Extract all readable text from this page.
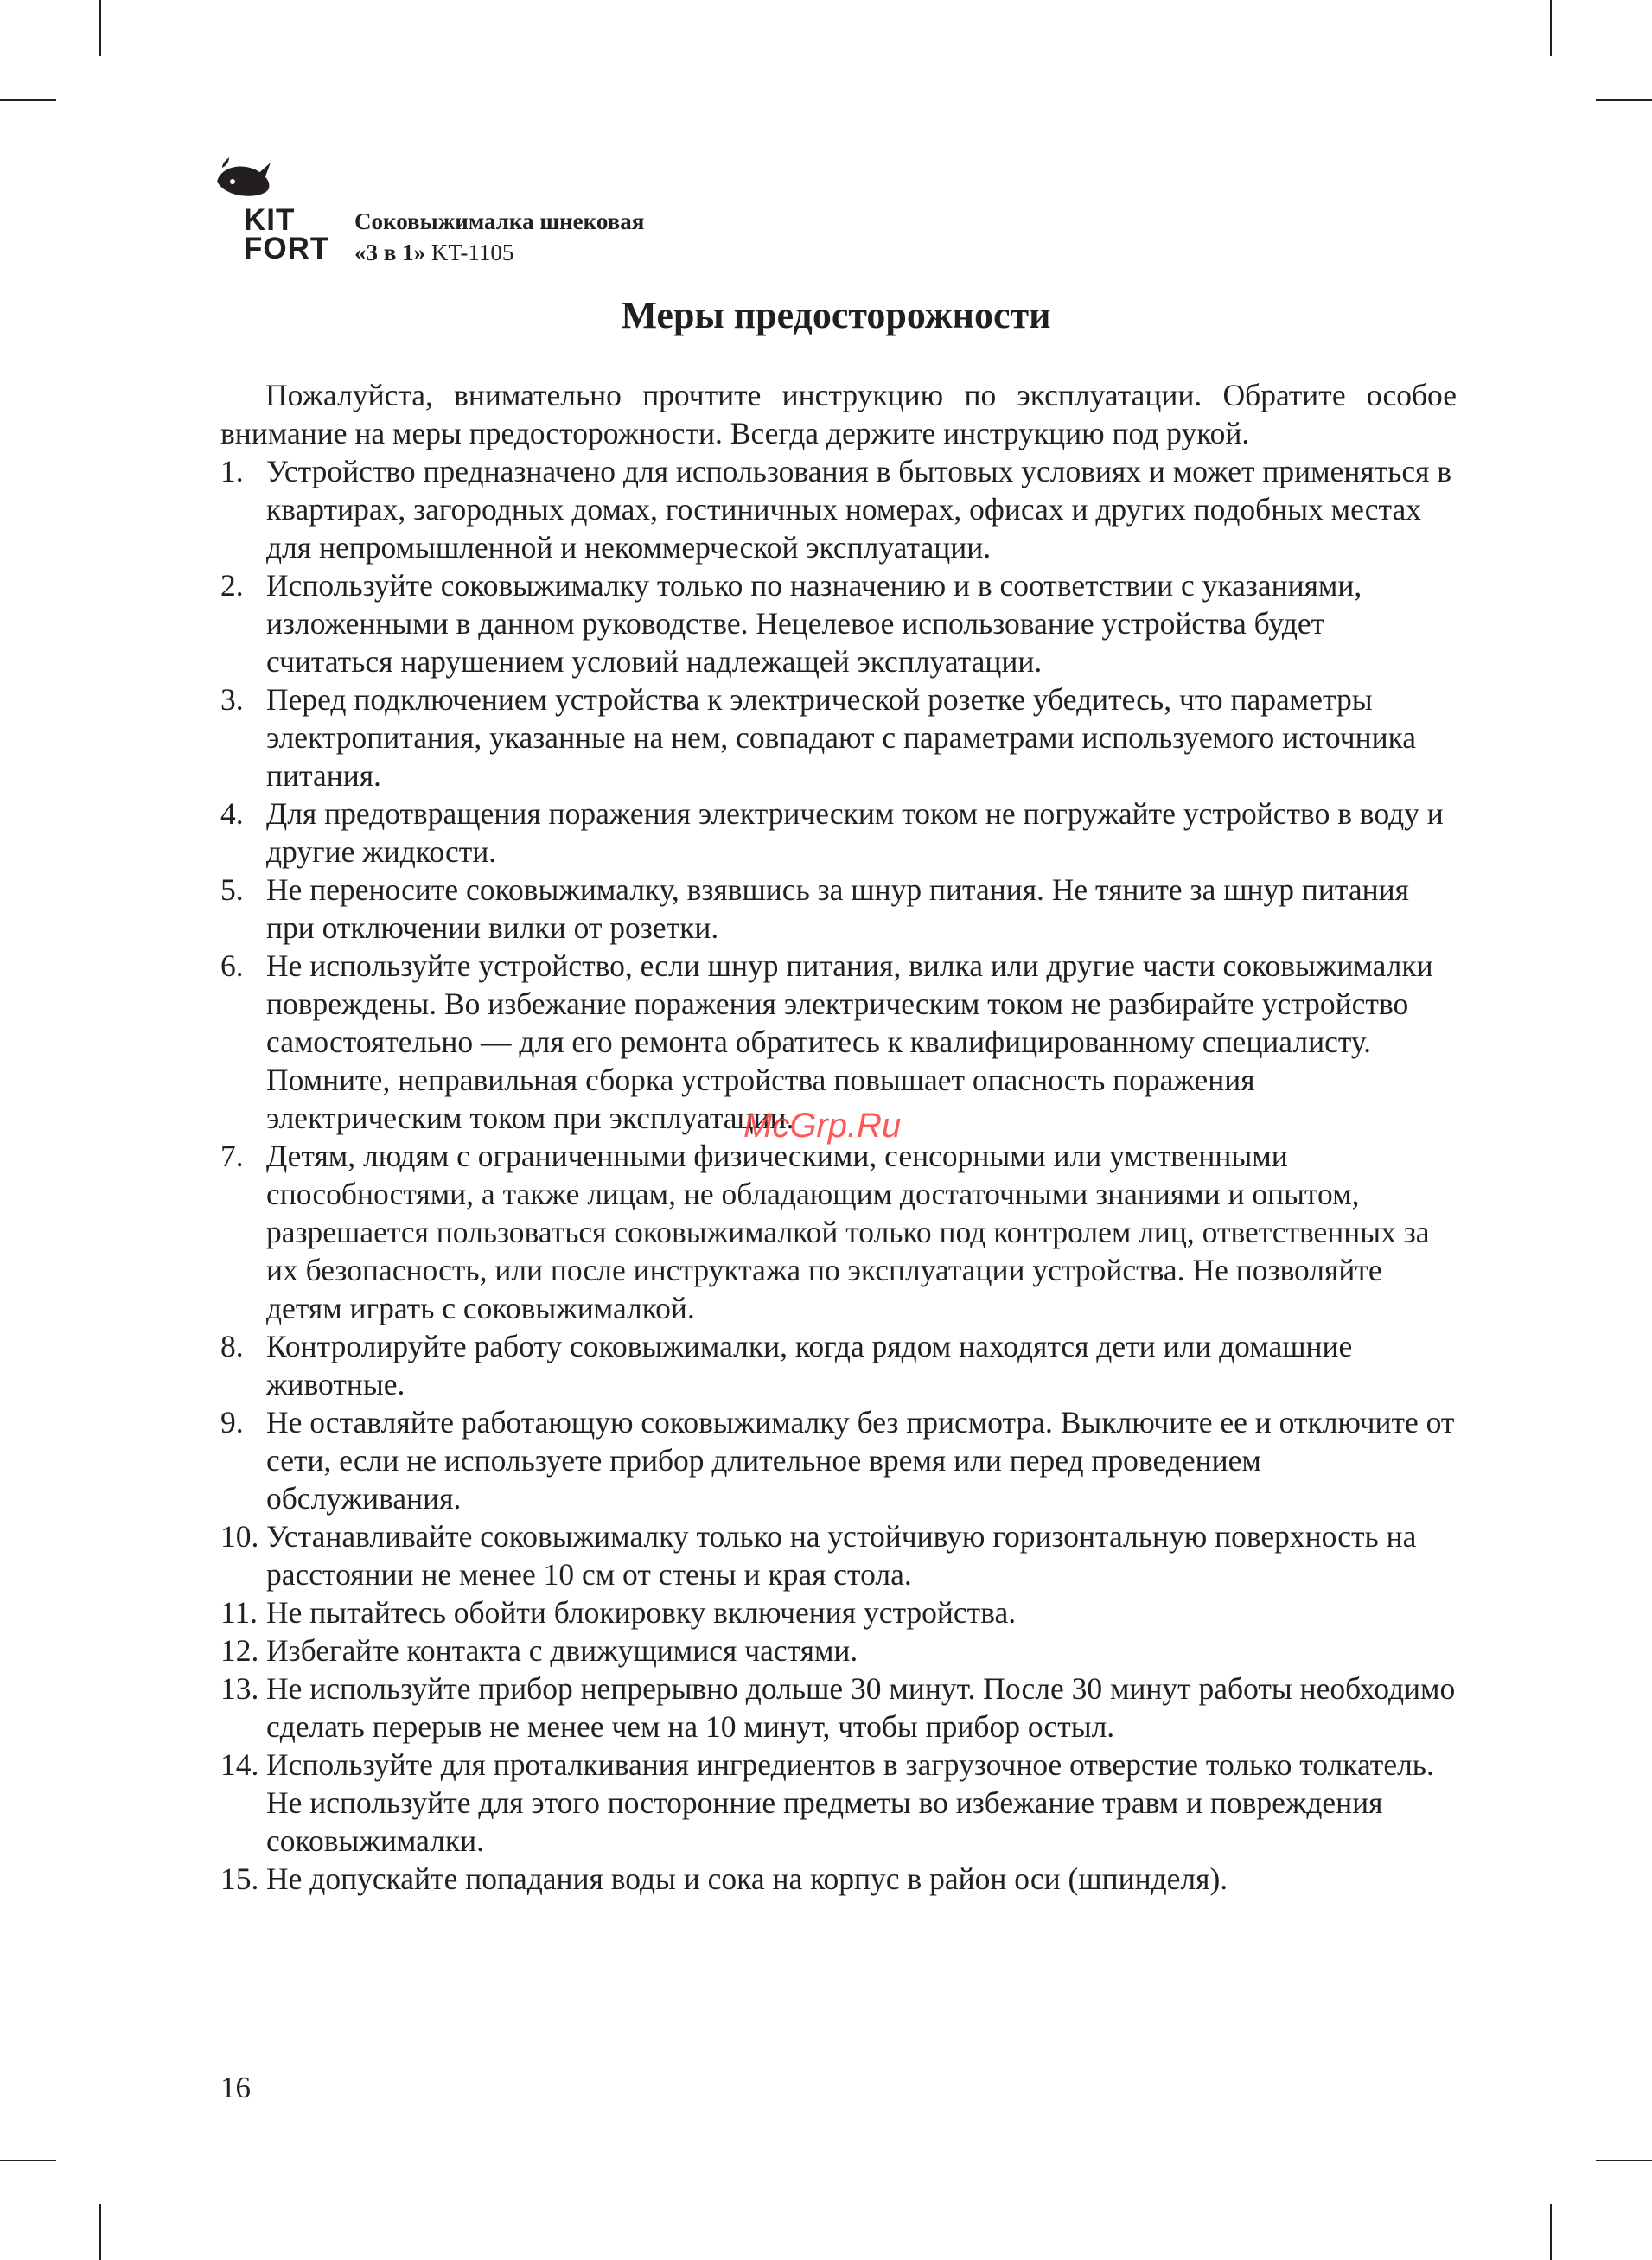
KIT
FORT
Соковыжималка шнековая
«3 в 1» KT-1105
Меры предосторожности

Пожалуйста, внимательно прочтите инструкцию по эксплуатации. Обратите особое внимание на меры предосторожности. Всегда держите инструкцию под рукой.

1. Устройство предназначено для использования в бытовых условиях и может применяться в квартирах, загородных домах, гостиничных номерах, офисах и других подобных местах для непромышленной и некоммерческой эксплуатации.
2. Используйте соковыжималку только по назначению и в соответствии с указаниями, изложенными в данном руководстве. Нецелевое использование устройства будет считаться нарушением условий надлежащей эксплуатации.
3. Перед подключением устройства к электрической розетке убедитесь, что параметры электропитания, указанные на нем, совпадают с параметрами используемого источника питания.
4. Для предотвращения поражения электрическим током не погружайте устройство в воду и другие жидкости.
5. Не переносите соковыжималку, взявшись за шнур питания. Не тяните за шнур питания при отключении вилки от розетки.
6. Не используйте устройство, если шнур питания, вилка или другие части соковыжималки повреждены. Во избежание поражения электрическим током не разбирайте устройство самостоятельно — для его ремонта обратитесь к квалифицированному специалисту. Помните, неправильная сборка устройства повышает опасность поражения электрическим током при эксплуатации.
7. Детям, людям с ограниченными физическими, сенсорными или умственными способностями, а также лицам, не обладающим достаточными знаниями и опытом, разрешается пользоваться соковыжималкой только под контролем лиц, ответственных за их безопасность, или после инструктажа по эксплуатации устройства. Не позволяйте детям играть с соковыжималкой.
8. Контролируйте работу соковыжималки, когда рядом находятся дети или домашние животные.
9. Не оставляйте работающую соковыжималку без присмотра. Выключите ее и отключите от сети, если не используете прибор длительное время или перед проведением обслуживания.
10. Устанавливайте соковыжималку только на устойчивую горизонтальную поверхность на расстоянии не менее 10 см от стены и края стола.
11. Не пытайтесь обойти блокировку включения устройства.
12. Избегайте контакта с движущимися частями.
13. Не используйте прибор непрерывно дольше 30 минут. После 30 минут работы необходимо сделать перерыв не менее чем на 10 минут, чтобы прибор остыл.
14. Используйте для проталкивания ингредиентов в загрузочное отверстие только толкатель. Не используйте для этого посторонние предметы во избежание травм и повреждения соковыжималки.
15. Не допускайте попадания воды и сока на корпус в район оси (шпинделя).
McGrp.Ru
16
